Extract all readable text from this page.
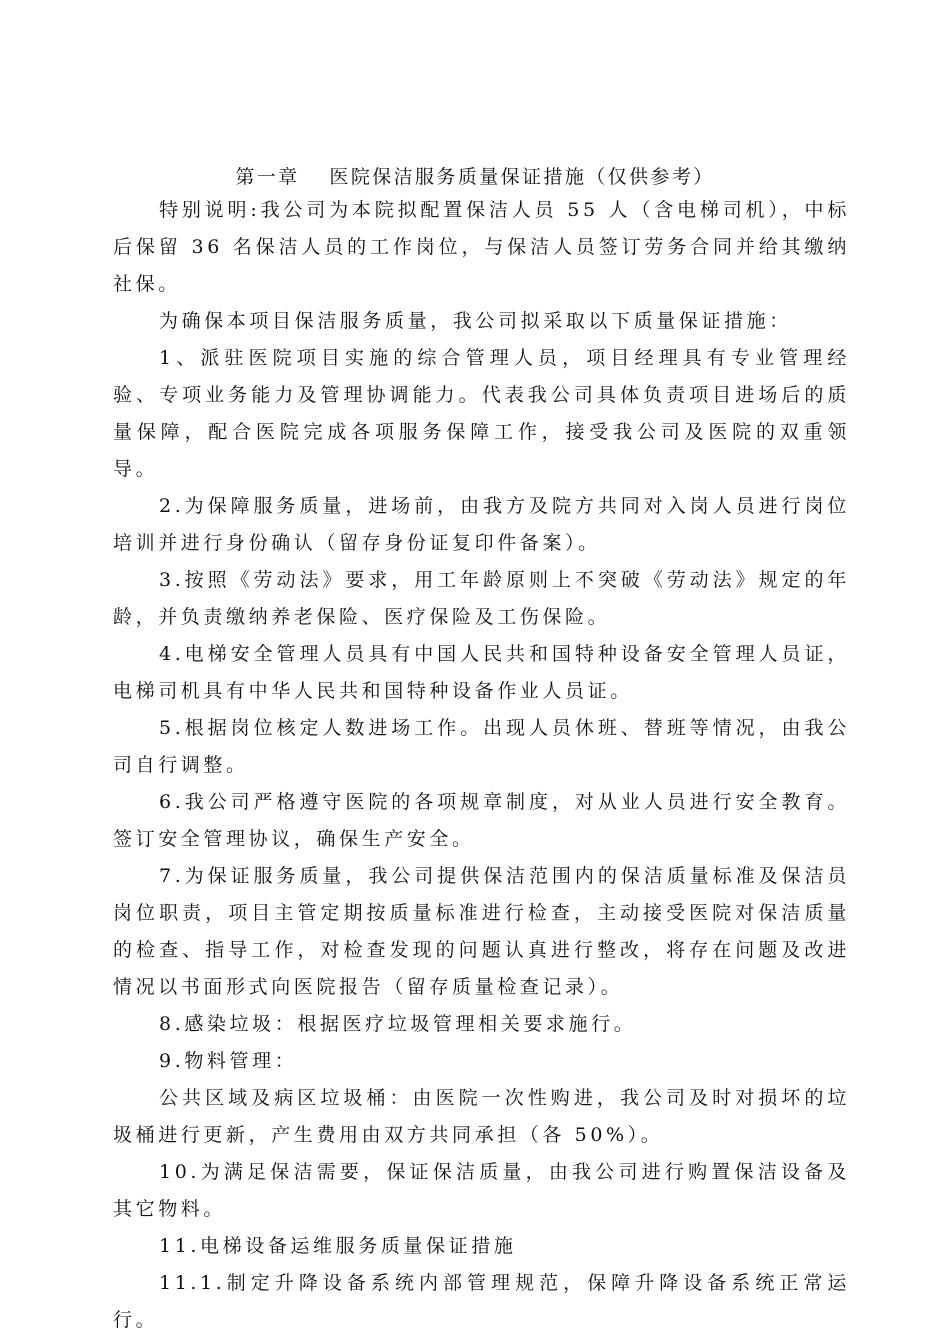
第一章　 医院保洁服务质量保证措施（仅供参考）

特别说明:我公司为本院拟配置保洁人员 55 人（含电梯司机），中标后保留 36 名保洁人员的工作岗位，与保洁人员签订劳务合同并给其缴纳社保。

为确保本项目保洁服务质量，我公司拟采取以下质量保证措施：

1、派驻医院项目实施的综合管理人员，项目经理具有专业管理经验、专项业务能力及管理协调能力。代表我公司具体负责项目进场后的质量保障，配合医院完成各项服务保障工作，接受我公司及医院的双重领导。

2.为保障服务质量，进场前，由我方及院方共同对入岗人员进行岗位培训并进行身份确认（留存身份证复印件备案）。

3.按照《劳动法》要求，用工年龄原则上不突破《劳动法》规定的年龄，并负责缴纳养老保险、医疗保险及工伤保险。

4.电梯安全管理人员具有中国人民共和国特种设备安全管理人员证，电梯司机具有中华人民共和国特种设备作业人员证。

5.根据岗位核定人数进场工作。出现人员休班、替班等情况，由我公司自行调整。

6.我公司严格遵守医院的各项规章制度，对从业人员进行安全教育。签订安全管理协议，确保生产安全。

7.为保证服务质量，我公司提供保洁范围内的保洁质量标准及保洁员岗位职责，项目主管定期按质量标准进行检查，主动接受医院对保洁质量的检查、指导工作，对检查发现的问题认真进行整改，将存在问题及改进情况以书面形式向医院报告（留存质量检查记录）。

8.感染垃圾：根据医疗垃圾管理相关要求施行。

9.物料管理：

公共区域及病区垃圾桶：由医院一次性购进，我公司及时对损坏的垃圾桶进行更新，产生费用由双方共同承担（各 50%）。

10.为满足保洁需要，保证保洁质量，由我公司进行购置保洁设备及其它物料。

11.电梯设备运维服务质量保证措施

11.1.制定升降设备系统内部管理规范，保障升降设备系统正常运行。
